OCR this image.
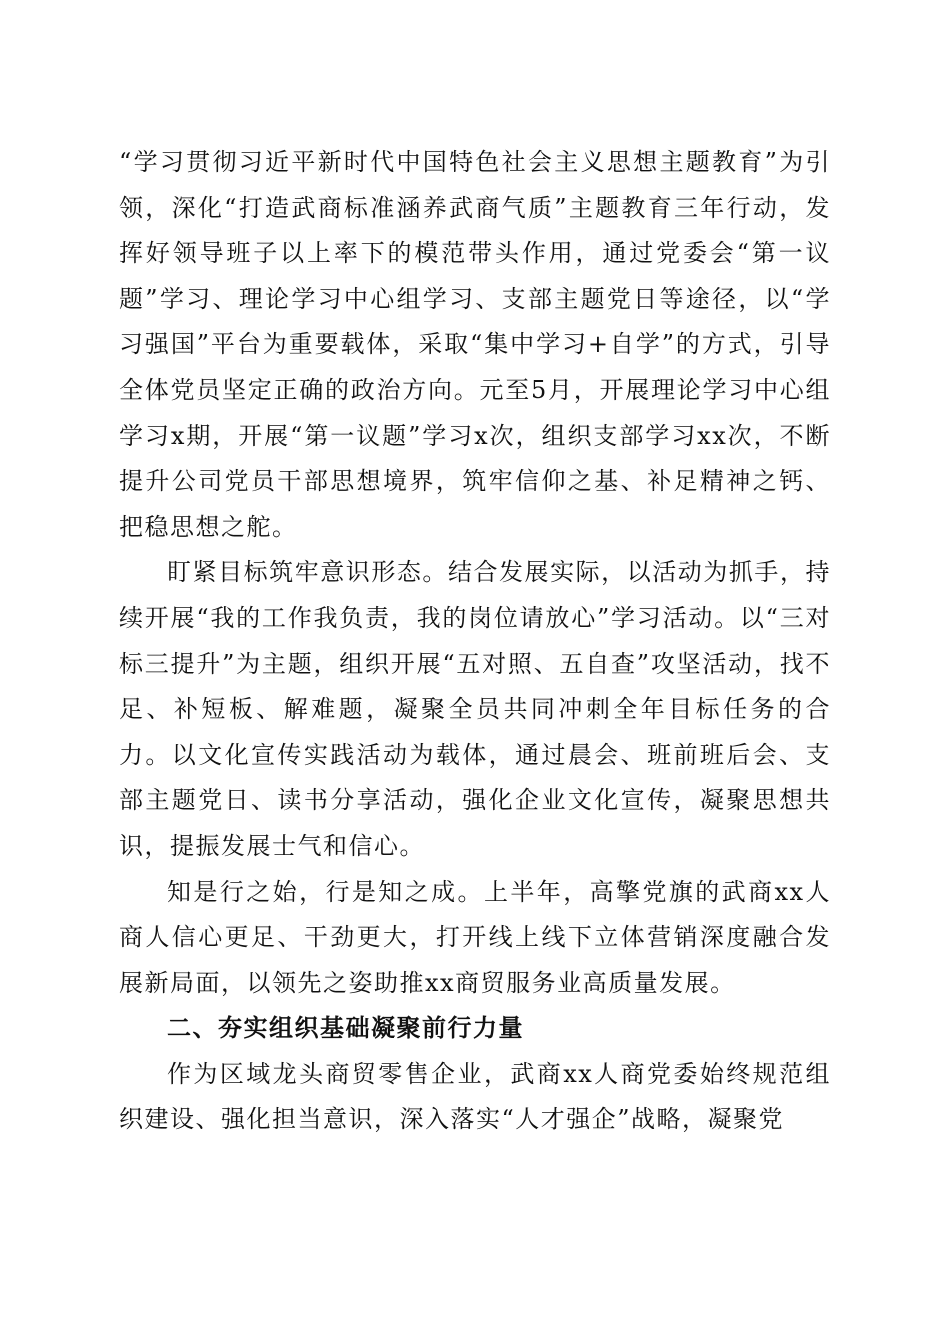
“学习贯彻习近平新时代中国特色社会主义思想主题教育”为引领，深化“打造武商标准涵养武商气质”主题教育三年行动，发挥好领导班子以上率下的模范带头作用，通过党委会“第一议题”学习、理论学习中心组学习、支部主题党日等途径，以“学习强国”平台为重要载体，采取“集中学习+自学”的方式，引导全体党员坚定正确的政治方向。元至5月，开展理论学习中心组学习x期，开展“第一议题”学习x次，组织支部学习xx次，不断提升公司党员干部思想境界，筑牢信仰之基、补足精神之钙、把稳思想之舵。

盯紧目标筑牢意识形态。结合发展实际，以活动为抓手，持续开展“我的工作我负责，我的岗位请放心”学习活动。以“三对标三提升”为主题，组织开展“五对照、五自查”攻坚活动，找不足、补短板、解难题，凝聚全员共同冲刺全年目标任务的合力。以文化宣传实践活动为载体，通过晨会、班前班后会、支部主题党日、读书分享活动，强化企业文化宣传，凝聚思想共识，提振发展士气和信心。

知是行之始，行是知之成。上半年，高擎党旗的武商xx人商人信心更足、干劲更大，打开线上线下立体营销深度融合发展新局面，以领先之姿助推xx商贸服务业高质量发展。

二、夯实组织基础凝聚前行力量

作为区域龙头商贸零售企业，武商xx人商党委始终规范组织建设、强化担当意识，深入落实“人才强企”战略，凝聚党
